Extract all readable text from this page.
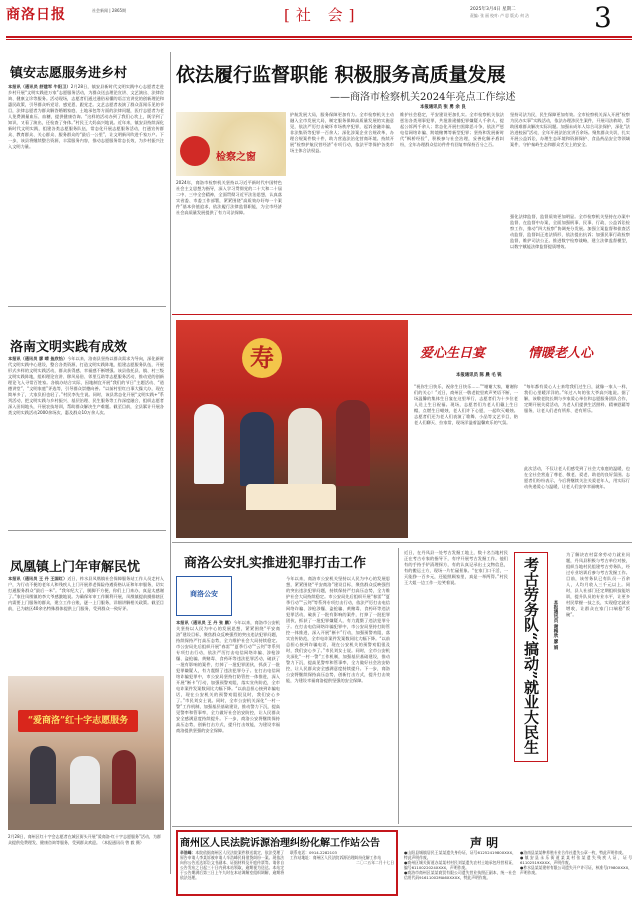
商洛日报	社会新闻 | 2865期	[社 会]	2025年3月4日 星期二
责编: 张 丽 校对: 卢 思 版式: 何 洁 3
镇安志愿服务进乡村
本报讯（通讯员 舒建军 牛阳卫）2月28日，镇安县新时代文明实践中心志愿者走进乡村开展“文明实践进万家”志愿服务活动，为群众送去理论宣讲、文艺演出、法律咨询、健康义诊等服务。活动现场，志愿者们通过通俗易懂的语言宣讲党的创新理论和惠民政策，引导群众听党话、感党恩、跟党走。文艺志愿者表演了群众喜闻乐见的节目，法律志愿者为群众解答婚姻家庭、土地承包等方面的法律问题，医疗志愿者为老人免费测量血压、血糖，提供健康咨询。“这样的活动办到了我们心坎上，既学到了知识，又看了演出，还检查了身体。”村民王大妈高兴地说。近年来，镇安县持续深化新时代文明实践，组建各类志愿服务队伍，常态化开展志愿服务活动，打通宣传群众、教育群众、关心群众、服务群众的“最后一公里”，让文明新风吹进千家万户。下一步，该县将继续整合资源，丰富服务内容，推动志愿服务常态长效，为乡村振兴注入文明力量。
洛南文明实践有成效
本报讯（通讯员 廖 晴 鱼欣怡）今年以来，洛南县坚持以群众需求为导向，深化新时代文明实践中心建设，整合各类资源，打造文明实践阵地，组建志愿服务队伍，开展形式多样的文明实践活动，群众获得感、幸福感不断增强。该县依托县、镇、村三级文明实践阵地，组织理论宣讲、移风易俗、邻里互助等志愿服务活动，推动党的创新理论飞入寻常百姓家。各镇办结合实际，因地制宜开展“我们的节日”主题活动、“道德讲堂”、“文明家庭”评选等，引导群众崇德向善。“以前村里红白事大操大办，现在简单多了，大家负担也轻了。”村民李先生说。同时，该县常态化开展“文明实践+”系列活动，把文明实践与乡村振兴、基层治理、民生服务等工作深度融合，组织志愿者深入田间地头，开展农技培训，帮助群众解决生产难题。截至目前，全县累计开展各类文明实践活动2000余场次，惠及群众10万余人次。
凤凰镇上门年审解民忧
本报讯（通讯员 王 丹 王国红）近日，柞水县凤凰镇社会保障服务站工作人员走村入户，为行动不便的老年人和残疾人上门开展养老保险待遇资格认证和年审服务，切实打通服务群众“最后一米”。“我年纪大了，腿脚不方便，你们上门来办，真是太感谢了。”家住凤凰镇的李大爷感激地说。为确保年审工作顺利开展，凤凰镇提前摸排辖区内需要上门服务的群众，建立工作台账，逐一上门服务，详细讲解相关政策。截至目前，已为辖区40余名特殊群体提供上门服务，受到群众一致好评。
“爱商洛”红十字志愿服务
2月28日，商州区红十字会志愿者在城区街头开展“爱商洛·红十字志愿服务”活动，为群众提供免费理发、健康咨询等服务，受到群众欢迎。（本报通讯员 曾 毅 摄）
依法履行监督职能 积极服务高质量发展
——商洛市检察机关2024年亮点工作综述
本报通讯员 张 勇 余 良
检察之窗
2024年，商洛市检察机关坚持以习近平新时代中国特色社会主义思想为指导，深入学习贯彻党的二十大和二十届二中、三中全会精神，全面贯彻习近平法治思想，认真落实省委、市委工作部署，紧紧围绕“高质效办好每一个案件”基本价值追求，依法履行法律监督职能，为全市经济社会高质量发展提供了有力司法保障。
护航发展大局，服务保障更加有力。全市检察机关主动融入全市发展大局，制定服务保障高质量发展的实施意见，依法严厉打击破坏市场秩序犯罪，起诉金融诈骗、非法集资等犯罪一百余人；深化涉案企业合规改革，办理合规案件数十件，助力营造法治化营商环境。持续开展“检察护航民营经济”专项行动，依法平等保护各类市场主体合法权益。
维护社会稳定，平安建设更加扎实。全市检察机关依法惩治各类刑事犯罪，共批准逮捕犯罪嫌疑人千余人，提起公诉两千余人；常态化开展扫黑除恶斗争，依法严惩电信网络诈骗、跨境赌博等新型犯罪；坚持和发展新时代“枫桥经验”，积极参与社会治理，妥善化解矛盾纠纷，全年办理群众信访件件有回复率保持百分之百。
坚持司法为民，民生保障更加有效。全市检察机关深入开展“检察为民办实事”实践活动，依法办理涉民生案件，开展司法救助，帮助困难群众解决实际问题。加强未成年人综合司法保护，深化“法治进校园”活动，全年开展法治宣讲百余场。聚焦群众关切，扎实开展公益诉讼，办理生态环境和资源保护、食品药品安全等领域案件，守护秦岭生态和群众舌尖上的安全。
强化法律监督，监督质效更加明显。全市检察机关坚持在办案中监督、在监督中办案，全面加强刑事、民事、行政、公益诉讼检察工作，推动“四大检察”协调充分发展。加强立案监督和侦查活动监督，监督纠正违法情形，依法提出抗诉；加强民事行政检察监督，维护司法公正。推进数字检察战略，建立法律监督模型，以数字赋能法律监督提质增效。
爱心生日宴	情暖老人心
本报通讯员 陈 晨 毛 锐
寿
“祝你生日快乐，祝你生日快乐……”“谢谢大家，谢谢你们的关心！”近日，商州区一敬老院里欢声笑语不断，一场温馨的集体生日宴在这里举行，志愿者们为十多位老人送上生日祝福。现场，志愿者们为老人们戴上生日帽，点燃生日蜡烛，老人们许下心愿，一起吹灭蜡烛。志愿者们还为老人们表演了歌舞、小品等文艺节目，陪老人们聊天、拉家常，现场洋溢着温馨欢乐的气氛。
“每年都有爱心人士来给我们过生日，就像一家人一样，我们心里暖洋洋的。”年过八旬的张大爷高兴地说。据了解，该敬老院长期与多家爱心单位和志愿服务团队合作，定期开展关爱活动，为老人们提供生活照料、精神慰藉等服务，让老人们老有所养、老有所乐。
此次活动，不仅让老人们感受到了社会大家庭的温暖，也在全社会营造了尊老、敬老、爱老、助老的良好氛围。志愿者们纷纷表示，今后将继续关注关爱老年人，用实际行动传递爱心与温暖，让老人们安享幸福晚年。
商洛公安扎实推进犯罪打击工作
商洛公安
本报讯（通讯员 王 丹 张 鹏）今年以来，商洛市公安机关坚持以人民为中心的发展思想，紧紧围绕“平安商洛”建设目标，聚焦群众反映强烈的突出违法犯罪问题，持续保持严打高压态势，全力维护社会大局持续稳定。市公安局先后组织开展“春雷”“夏季行动”“云剑”等系列专项打击行动，依法严厉打击电信网络诈骗、涉枪涉爆、盗抢骗、黄赌毒、食药环等违法犯罪活动，破获了一批有影响的案件，打掉了一批犯罪团伙，抓获了一批犯罪嫌疑人，有力震慑了违法犯罪分子。在打击电信网络诈骗犯罪中，市公安局坚持打防管控一体推进，深入开展“断卡”行动，加强预警劝阻，落实宣传防范，全市电诈案件发案数同比大幅下降。“以前总担心接到诈骗电话，现在公安机关的预警劝阻很及时，我们安心多了。”市民刘女士说。同时，全市公安机关深化“一村一警”工作机制，加强基层基础建设，推动警力下沉，提高见警率和管事率，全力做好社会治安防控，让人民群众安全感满意度持续提升。下一步，商洛公安将继续保持高压态势，创新打击方式，提升打击效能，为建设幸福商洛提供坚强的安全保障。
今年以来，商洛市公安机关坚持以人民为中心的发展思想，紧紧围绕“平安商洛”建设目标，聚焦群众反映强烈的突出违法犯罪问题，持续保持严打高压态势，全力维护社会大局持续稳定。市公安局先后组织开展“春雷”“夏季行动”“云剑”等系列专项打击行动，依法严厉打击电信网络诈骗、涉枪涉爆、盗抢骗、黄赌毒、食药环等违法犯罪活动，破获了一批有影响的案件，打掉了一批犯罪团伙，抓获了一批犯罪嫌疑人，有力震慑了违法犯罪分子。在打击电信网络诈骗犯罪中，市公安局坚持打防管控一体推进，深入开展“断卡”行动，加强预警劝阻，落实宣传防范，全市电诈案件发案数同比大幅下降。“以前总担心接到诈骗电话，现在公安机关的预警劝阻很及时，我们安心多了。”市民刘女士说。同时，全市公安机关深化“一村一警”工作机制，加强基层基础建设，推动警力下沉，提高见警率和管事率，全力做好社会治安防控，让人民群众安全感满意度持续提升。下一步，商洛公安将继续保持高压态势，创新打击方式，提升打击效能，为建设幸福商洛提供坚强的安全保障。
近日，在丹凤县一处考古发掘工地上，数十名当地村民正在考古专家的指导下，有序开展考古发掘工作。他们有的手持手铲清理探方，有的认真记录出土文物信息，有的搬运土方，现场一片忙碌景象。“在家门口干活，一天能挣一百多元，还能照顾家里，真是一举两得。”村民王大姐一边工作一边笑着说。	考古劳务队“搞动”就业大民生	本报通讯员 谢梅欣 廖 娟
为了解决农村富余劳动力就业问题，丹凤县积极与考古单位对接，组织当地村民组建考古劳务队，经过专业培训后参与考古发掘工作。目前，该劳务队已有队员一百余人，人均月收入三千元以上。同时，县人社部门还定期组织技能培训，提升队员的专业水平，让更多村民掌握一技之长，实现稳定就业增收，让群众在家门口端稳“饭碗”。
商州区人民法院诉源治理纠纷化解工作站公告
辛浩峰：本院依据商州区人民法院案件移送裁定，依法受理了原告申请人李某诉被申请人辛浩峰民间借贷纠纷一案。现依法向你公告送达诉讼文书副本、证据材料及开庭传票等。请你自公告发布之日起三十日内到本站领取，逾期视为送达。本站定于公告期满后第三日上午九时在本站调解室组织调解，逾期将依法处理。
联系电话：0914-2282103
工作站地址：商州区人民法院诉源治理纠纷化解工作站
二〇二五年二月十七日
声 明
●山阳县城镇居民王某某遗失身份证，证号6125241980XXXX，特此声明作废。
●商州区城关街道办某某村村民刘某遗失农村土地承包经营权证，编号6110022024XXXX，声明作废。
●商洛市商州区某某商贸有限公司遗失营业执照正副本，统一社会信用代码91611002MA6XXXXX，特此声明作废。
●洛南县某某种养殖专业合作社遗失公章一枚，特此声明作废。
●镇安县永乐街道某某村张某遗失残疾人证，证号61102519XXXX，声明作废。
●柞水县某某建材有限公司遗失开户许可证，核准号J7980XXXX，声明作废。
